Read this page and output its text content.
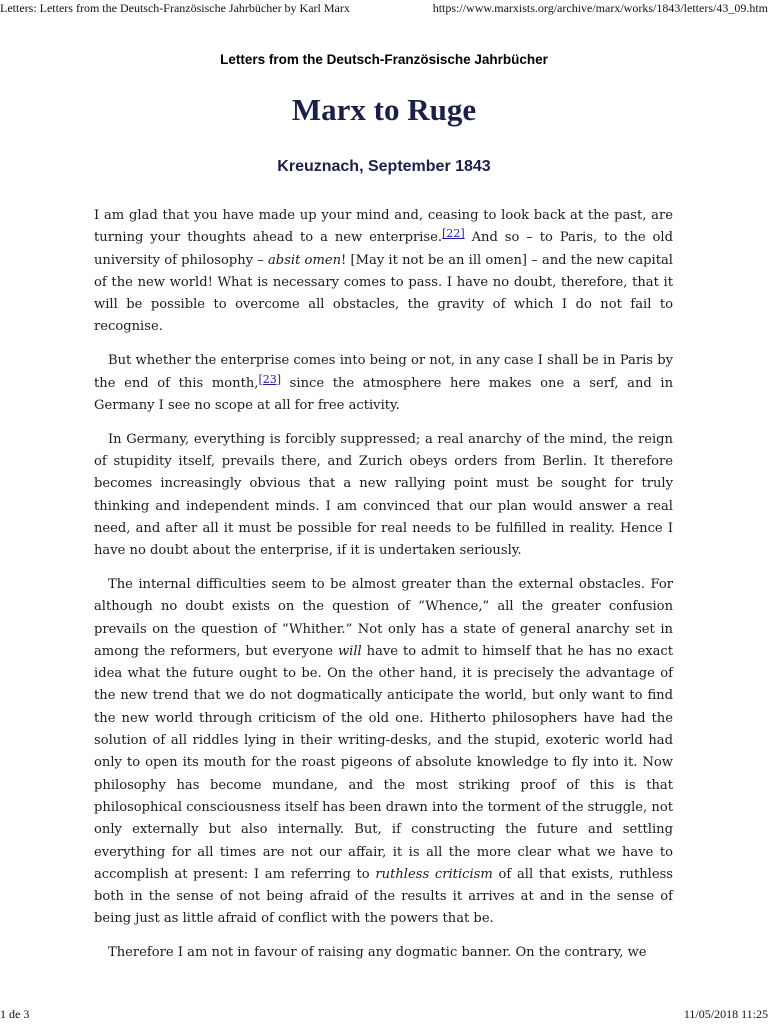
Letters: Letters from the Deutsch-Französische Jahrbücher by Karl Marx	https://www.marxists.org/archive/marx/works/1843/letters/43_09.htm
Letters from the Deutsch-Französische Jahrbücher
Marx to Ruge
Kreuznach, September 1843

I am glad that you have made up your mind and, ceasing to look back at the past, are turning your thoughts ahead to a new enterprise.[22] And so – to Paris, to the old university of philosophy – absit omen! [May it not be an ill omen] – and the new capital of the new world! What is necessary comes to pass. I have no doubt, therefore, that it will be possible to overcome all obstacles, the gravity of which I do not fail to recognise.

But whether the enterprise comes into being or not, in any case I shall be in Paris by the end of this month,[23] since the atmosphere here makes one a serf, and in Germany I see no scope at all for free activity.

In Germany, everything is forcibly suppressed; a real anarchy of the mind, the reign of stupidity itself, prevails there, and Zurich obeys orders from Berlin. It therefore becomes increasingly obvious that a new rallying point must be sought for truly thinking and independent minds. I am convinced that our plan would answer a real need, and after all it must be possible for real needs to be fulfilled in reality. Hence I have no doubt about the enterprise, if it is undertaken seriously.

The internal difficulties seem to be almost greater than the external obstacles. For although no doubt exists on the question of “Whence,” all the greater confusion prevails on the question of “Whither.” Not only has a state of general anarchy set in among the reformers, but everyone will have to admit to himself that he has no exact idea what the future ought to be. On the other hand, it is precisely the advantage of the new trend that we do not dogmatically anticipate the world, but only want to find the new world through criticism of the old one. Hitherto philosophers have had the solution of all riddles lying in their writing-desks, and the stupid, exoteric world had only to open its mouth for the roast pigeons of absolute knowledge to fly into it. Now philosophy has become mundane, and the most striking proof of this is that philosophical consciousness itself has been drawn into the torment of the struggle, not only externally but also internally. But, if constructing the future and settling everything for all times are not our affair, it is all the more clear what we have to accomplish at present: I am referring to ruthless criticism of all that exists, ruthless both in the sense of not being afraid of the results it arrives at and in the sense of being just as little afraid of conflict with the powers that be.

Therefore I am not in favour of raising any dogmatic banner. On the contrary, we

1 de 3	11/05/2018 11:25
